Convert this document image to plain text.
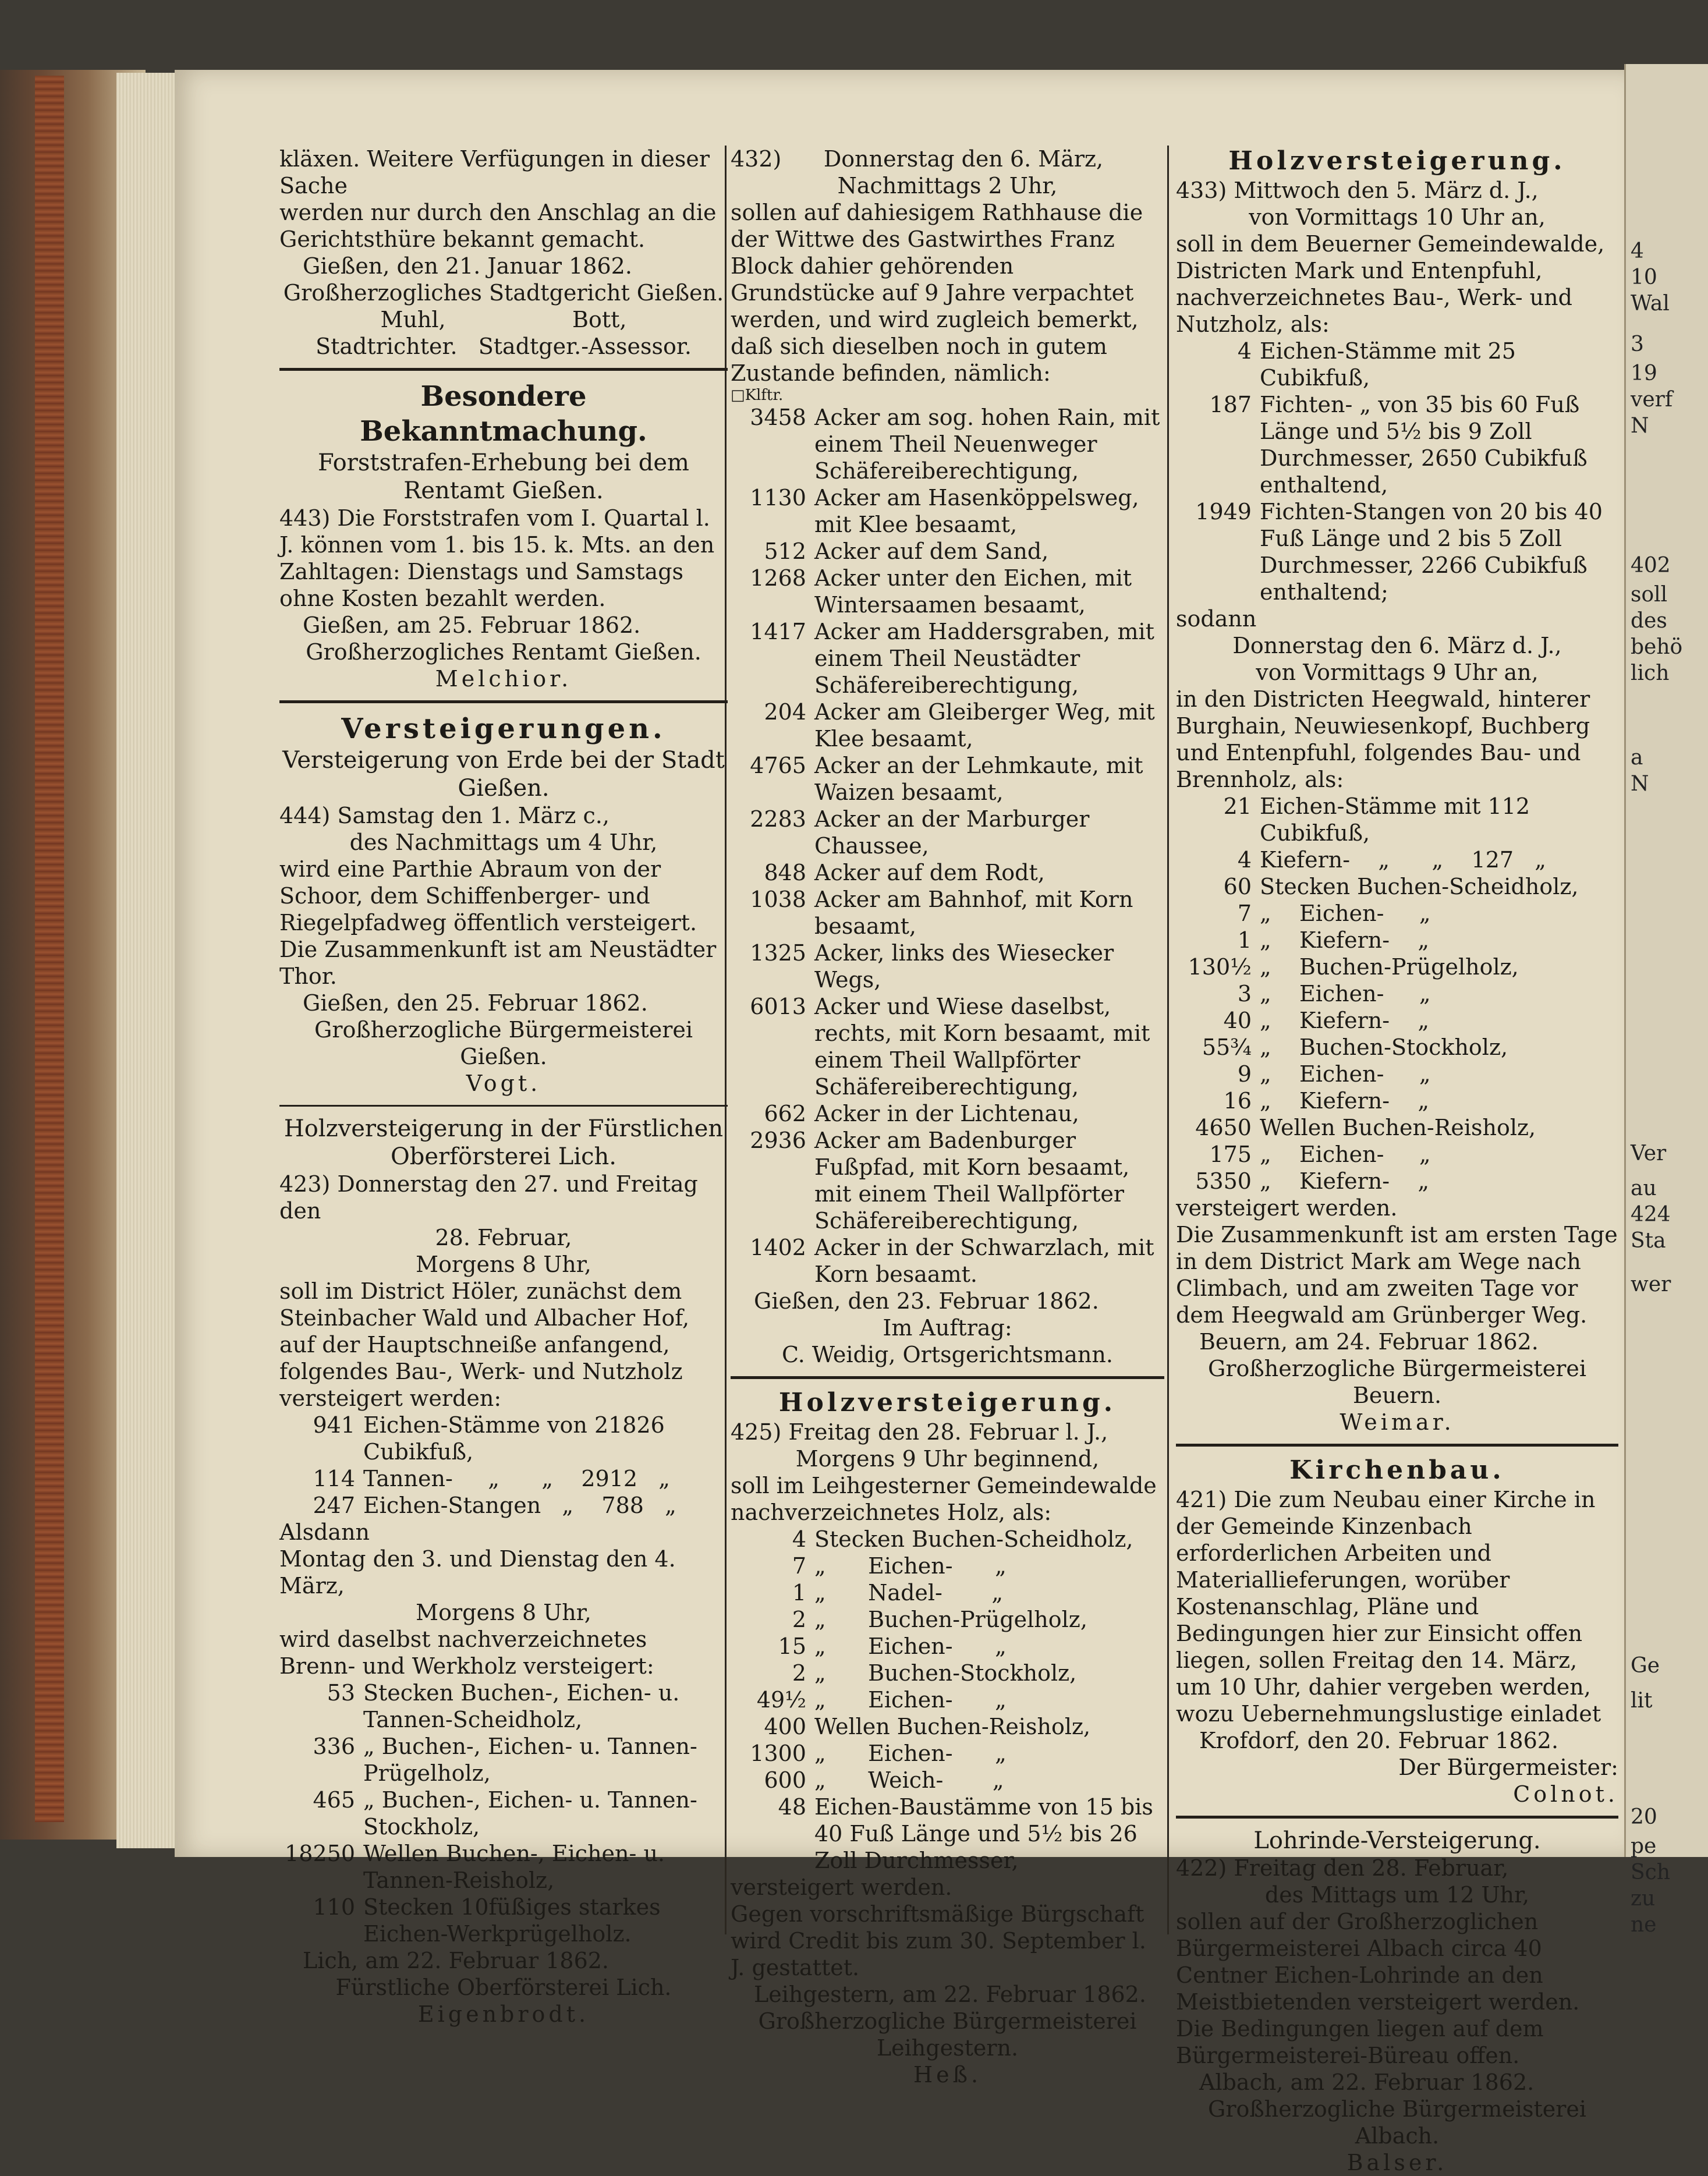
4
10
Wal
3
19
verf
N
402
soll
des
behö
lich
a
N
Ver
au
424
Sta
wer
Ge
lit
20
pe
Sch
zu
ne

kläxen. Weitere Verfügungen in dieser Sache

werden nur durch den Anschlag an die

Gerichtsthüre bekannt gemacht.

Gießen, den 21. Januar 1862.

Großherzogliches Stadtgericht Gießen.

Muhl,                  Bott,

Stadtrichter.   Stadtger.-Assessor.

Besondere Bekanntmachung.

Forststrafen-Erhebung bei dem Rentamt Gießen.

443) Die Forststrafen vom I. Quartal l. J. können vom 1. bis 15. k. Mts. an den Zahltagen: Dienstags und Samstags ohne Kosten bezahlt werden.

Gießen, am 25. Februar 1862.

Großherzogliches Rentamt Gießen.

Melchior.

Versteigerungen.

Versteigerung von Erde bei der Stadt Gießen.

444) Samstag den 1. März c.,

des Nachmittags um 4 Uhr,

wird eine Parthie Abraum von der Schoor, dem Schiffenberger- und Riegelpfadweg öffentlich versteigert. Die Zusammenkunft ist am Neustädter Thor.

Gießen, den 25. Februar 1862.

Großherzogliche Bürgermeisterei Gießen.

Vogt.

Holzversteigerung in der Fürstlichen Oberförsterei Lich.

423) Donnerstag den 27. und Freitag den

28. Februar,

Morgens 8 Uhr,

soll im District Höler, zunächst dem Steinbacher Wald und Albacher Hof, auf der Hauptschneiße anfangend, folgendes Bau-, Werk- und Nutzholz versteigert werden:

941 Eichen-Stämme von 21826 Cubikfuß,
114 Tannen-     „      „    2912   „
247 Eichen-Stangen   „    788   „

Alsdann

Montag den 3. und Dienstag den 4. März,

Morgens 8 Uhr,

wird daselbst nachverzeichnetes Brenn- und Werkholz versteigert:

53 Stecken Buchen-, Eichen- u. Tannen-Scheidholz,
336 „ Buchen-, Eichen- u. Tannen-Prügelholz,
465 „ Buchen-, Eichen- u. Tannen-Stockholz,
18250 Wellen Buchen-, Eichen- u. Tannen-Reisholz,
110 Stecken 10füßiges starkes Eichen-Werkprügelholz.

Lich, am 22. Februar 1862.

Fürstliche Oberförsterei Lich.

Eigenbrodt.

432)      Donnerstag den 6. März,

Nachmittags 2 Uhr,

sollen auf dahiesigem Rathhause die der Wittwe des Gastwirthes Franz Block dahier gehörenden Grundstücke auf 9 Jahre verpachtet werden, und wird zugleich bemerkt, daß sich dieselben noch in gutem Zustande befinden, nämlich:

□Klftr.

3458 Acker am sog. hohen Rain, mit einem Theil Neuenweger Schäfereiberechtigung,
1130 Acker am Hasenköppelsweg, mit Klee besaamt,
512 Acker auf dem Sand,
1268 Acker unter den Eichen, mit Wintersaamen besaamt,
1417 Acker am Haddersgraben, mit einem Theil Neustädter Schäfereiberechtigung,
204 Acker am Gleiberger Weg, mit Klee besaamt,
4765 Acker an der Lehmkaute, mit Waizen besaamt,
2283 Acker an der Marburger Chaussee,
848 Acker auf dem Rodt,
1038 Acker am Bahnhof, mit Korn besaamt,
1325 Acker, links des Wiesecker Wegs,
6013 Acker und Wiese daselbst, rechts, mit Korn besaamt, mit einem Theil Wallpförter Schäfereiberechtigung,
662 Acker in der Lichtenau,
2936 Acker am Badenburger Fußpfad, mit Korn besaamt, mit einem Theil Wallpförter Schäfereiberechtigung,
1402 Acker in der Schwarzlach, mit Korn besaamt.

Gießen, den 23. Februar 1862.

Im Auftrag:

C. Weidig, Ortsgerichtsmann.

Holzversteigerung.

425) Freitag den 28. Februar l. J.,

Morgens 9 Uhr beginnend,

soll im Leihgesterner Gemeindewalde nachverzeichnetes Holz, als:

4 Stecken Buchen-Scheidholz,
7 „      Eichen-      „
1 „      Nadel-       „
2 „      Buchen-Prügelholz,
15 „      Eichen-      „
2 „      Buchen-Stockholz,
49½ „      Eichen-      „
400 Wellen Buchen-Reisholz,
1300 „      Eichen-      „
600 „      Weich-       „
48 Eichen-Baustämme von 15 bis 40 Fuß Länge und 5½ bis 26 Zoll Durchmesser,

versteigert werden.

Gegen vorschriftsmäßige Bürgschaft wird Credit bis zum 30. September l. J. gestattet.

Leihgestern, am 22. Februar 1862.

Großherzogliche Bürgermeisterei Leihgestern.

Heß.

Holzversteigerung.

433) Mittwoch den 5. März d. J.,

von Vormittags 10 Uhr an,

soll in dem Beuerner Gemeindewalde, Districten Mark und Entenpfuhl, nachverzeichnetes Bau-, Werk- und Nutzholz, als:

4 Eichen-Stämme mit 25 Cubikfuß,
187 Fichten- „ von 35 bis 60 Fuß Länge und 5½ bis 9 Zoll Durchmesser, 2650 Cubikfuß enthaltend,
1949 Fichten-Stangen von 20 bis 40 Fuß Länge und 2 bis 5 Zoll Durchmesser, 2266 Cubikfuß enthaltend;

sodann

Donnerstag den 6. März d. J.,

von Vormittags 9 Uhr an,

in den Districten Heegwald, hinterer Burghain, Neuwiesenkopf, Buchberg und Entenpfuhl, folgendes Bau- und Brennholz, als:

21 Eichen-Stämme mit 112 Cubikfuß,
4 Kiefern-    „      „    127   „
60 Stecken Buchen-Scheidholz,
7 „    Eichen-     „
1 „    Kiefern-    „
130½ „    Buchen-Prügelholz,
3 „    Eichen-     „
40 „    Kiefern-    „
55¾ „    Buchen-Stockholz,
9 „    Eichen-     „
16 „    Kiefern-    „
4650 Wellen Buchen-Reisholz,
175 „    Eichen-     „
5350 „    Kiefern-    „

versteigert werden.

Die Zusammenkunft ist am ersten Tage in dem District Mark am Wege nach Climbach, und am zweiten Tage vor dem Heegwald am Grünberger Weg.

Beuern, am 24. Februar 1862.

Großherzogliche Bürgermeisterei Beuern.

Weimar.

Kirchenbau.

421) Die zum Neubau einer Kirche in der Gemeinde Kinzenbach erforderlichen Arbeiten und Materiallieferungen, worüber Kostenanschlag, Pläne und Bedingungen hier zur Einsicht offen liegen, sollen Freitag den 14. März, um 10 Uhr, dahier vergeben werden, wozu Uebernehmungslustige einladet

Krofdorf, den 20. Februar 1862.

Der Bürgermeister:

Colnot.

Lohrinde-Versteigerung.

422) Freitag den 28. Februar,

des Mittags um 12 Uhr,

sollen auf der Großherzoglichen Bürgermeisterei Albach circa 40 Centner Eichen-Lohrinde an den Meistbietenden versteigert werden. Die Bedingungen liegen auf dem Bürgermeisterei-Büreau offen.

Albach, am 22. Februar 1862.

Großherzogliche Bürgermeisterei Albach.

Balser.
